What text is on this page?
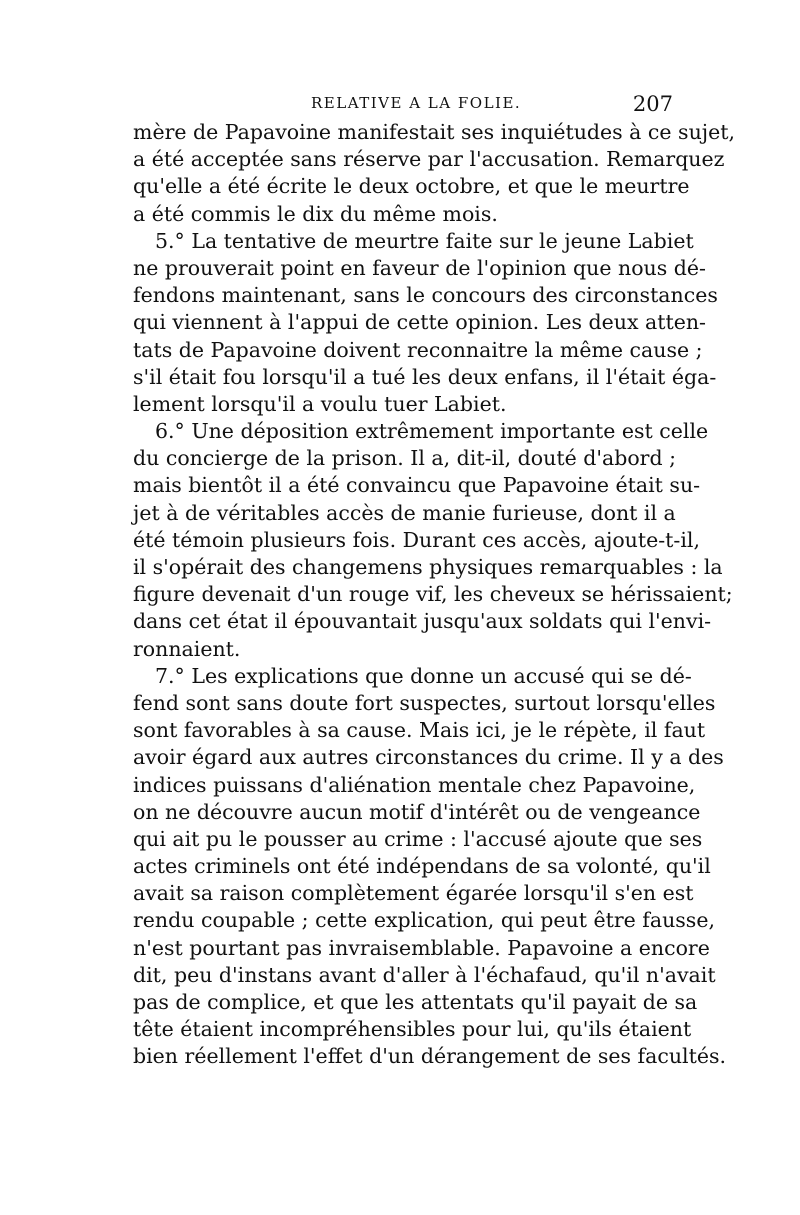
RELATIVE A LA FOLIE.	207
mère de Papavoine manifestait ses inquiétudes à ce sujet,
a été acceptée sans réserve par l'accusation. Remarquez
qu'elle a été écrite le deux octobre, et que le meurtre
a été commis le dix du même mois.
5.° La tentative de meurtre faite sur le jeune Labiet
ne prouverait point en faveur de l'opinion que nous dé-
fendons maintenant, sans le concours des circonstances
qui viennent à l'appui de cette opinion. Les deux atten-
tats de Papavoine doivent reconnaitre la même cause ;
s'il était fou lorsqu'il a tué les deux enfans, il l'était éga-
lement lorsqu'il a voulu tuer Labiet.
6.° Une déposition extrêmement importante est celle
du concierge de la prison. Il a, dit-il, douté d'abord ;
mais bientôt il a été convaincu que Papavoine était su-
jet à de véritables accès de manie furieuse, dont il a
été témoin plusieurs fois. Durant ces accès, ajoute-t-il,
il s'opérait des changemens physiques remarquables : la
figure devenait d'un rouge vif, les cheveux se hérissaient;
dans cet état il épouvantait jusqu'aux soldats qui l'envi-
ronnaient.
7.° Les explications que donne un accusé qui se dé-
fend sont sans doute fort suspectes, surtout lorsqu'elles
sont favorables à sa cause. Mais ici, je le répète, il faut
avoir égard aux autres circonstances du crime. Il y a des
indices puissans d'aliénation mentale chez Papavoine,
on ne découvre aucun motif d'intérêt ou de vengeance
qui ait pu le pousser au crime : l'accusé ajoute que ses
actes criminels ont été indépendans de sa volonté, qu'il
avait sa raison complètement égarée lorsqu'il s'en est
rendu coupable ; cette explication, qui peut être fausse,
n'est pourtant pas invraisemblable. Papavoine a encore
dit, peu d'instans avant d'aller à l'échafaud, qu'il n'avait
pas de complice, et que les attentats qu'il payait de sa
tête étaient incompréhensibles pour lui, qu'ils étaient
bien réellement l'effet d'un dérangement de ses facultés.
